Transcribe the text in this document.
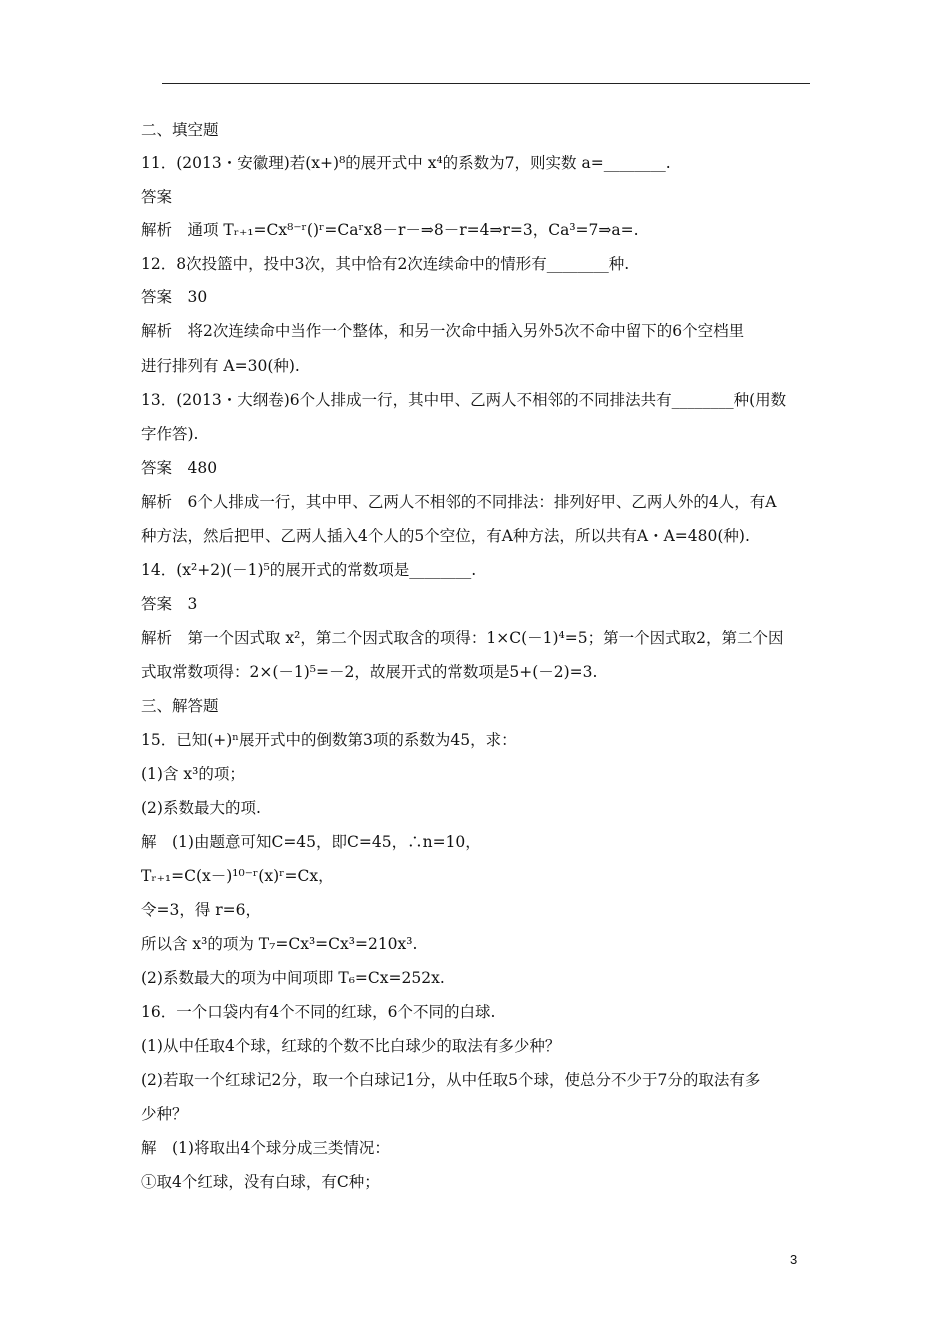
二、填空题
11．(2013・安徽理)若(x+)⁸的展开式中 x⁴的系数为7，则实数 a=________.
答案
解析　通项 Tᵣ₊₁=Cx⁸⁻ʳ()ʳ=Caʳx8－r－⇒8－r=4⇒r=3，Ca³=7⇒a=.
12．8次投篮中，投中3次，其中恰有2次连续命中的情形有________种.
答案　30
解析　将2次连续命中当作一个整体，和另一次命中插入另外5次不命中留下的6个空档里
进行排列有 A=30(种).
13．(2013・大纲卷)6个人排成一行，其中甲、乙两人不相邻的不同排法共有________种(用数
字作答).
答案　480
解析　6个人排成一行，其中甲、乙两人不相邻的不同排法：排列好甲、乙两人外的4人，有A
种方法，然后把甲、乙两人插入4个人的5个空位，有A种方法，所以共有A・A=480(种).
14．(x²+2)(－1)⁵的展开式的常数项是________.
答案　3
解析　第一个因式取 x²，第二个因式取含的项得：1×C(－1)⁴=5；第一个因式取2，第二个因
式取常数项得：2×(－1)⁵=－2，故展开式的常数项是5+(－2)=3.
三、解答题
15．已知(+)ⁿ展开式中的倒数第3项的系数为45，求：
(1)含 x³的项；
(2)系数最大的项.
解　(1)由题意可知C=45，即C=45，∴n=10，
Tᵣ₊₁=C(x－)¹⁰⁻ʳ(x)ʳ=Cx，
令=3，得 r=6，
所以含 x³的项为 T₇=Cx³=Cx³=210x³.
(2)系数最大的项为中间项即 T₆=Cx=252x.
16．一个口袋内有4个不同的红球，6个不同的白球.
(1)从中任取4个球，红球的个数不比白球少的取法有多少种？
(2)若取一个红球记2分，取一个白球记1分，从中任取5个球，使总分不少于7分的取法有多
少种？
解　(1)将取出4个球分成三类情况：
①取4个红球，没有白球，有C种；
3
